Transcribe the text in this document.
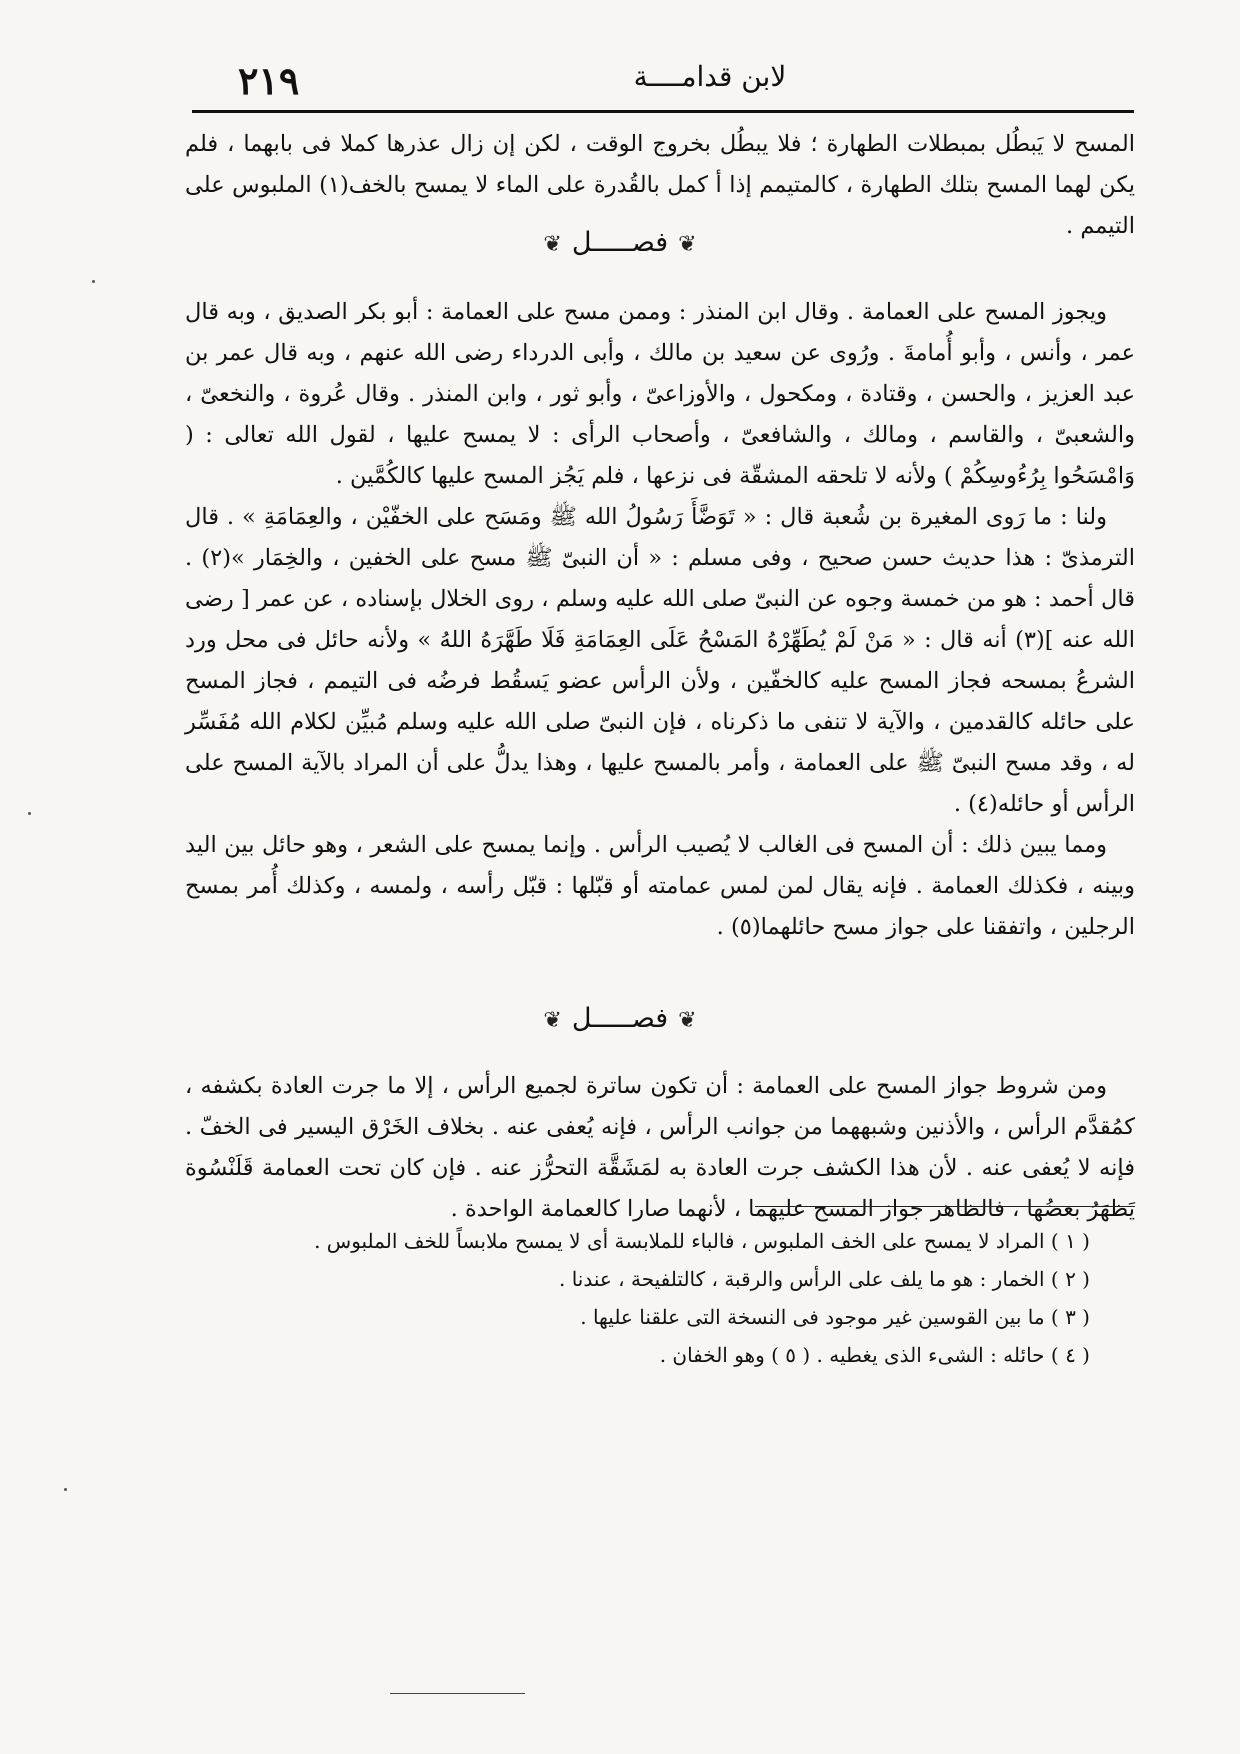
٢١٩	لابن قدامــــة

المسح لا يَبطُل بمبطلات الطهارة ؛ فلا يبطُل بخروج الوقت ، لكن إن زال عذرها كملا فى بابهما ، فلم يكن لهما المسح بتلك الطهارة ، كالمتيمم إذا أ كمل بالقُدرة على الماء لا يمسح بالخف(١) الملبوس على التيمم .

❦فصـــــل❦

ويجوز المسح على العمامة . وقال ابن المنذر : وممن مسح على العمامة : أبو بكر الصديق ، وبه قال عمر ، وأنس ، وأبو أُمامةَ . ورُوى عن سعيد بن مالك ، وأبى الدرداء رضى الله عنهم ، وبه قال عمر بن عبد العزيز ، والحسن ، وقتادة ، ومكحول ، والأوزاعىّ ، وأبو ثور ، وابن المنذر . وقال عُروة ، والنخعىّ ، والشعبىّ ، والقاسم ، ومالك ، والشافعىّ ، وأصحاب الرأى : لا يمسح عليها ، لقول الله تعالى : ( وَامْسَحُوا بِرُءُوسِكُمْ ) ولأنه لا تلحقه المشقّة فى نزعها ، فلم يَجُز المسح عليها كالكُمَّين .

ولنا : ما رَوى المغيرة بن شُعبة قال : « تَوَضَّأَ رَسُولُ الله ﷺ ومَسَح على الخفّيْن ، والعِمَامَةِ » . قال الترمذىّ : هذا حديث حسن صحيح ، وفى مسلم : « أن النبىّ ﷺ مسح على الخفين ، والخِمَار »(٢) . قال أحمد : هو من خمسة وجوه عن النبىّ صلى الله عليه وسلم ، روى الخلال بإسناده ، عن عمر [ رضى الله عنه ](٣) أنه قال : « مَنْ لَمْ يُطَهِّرْهُ المَسْحُ عَلَى العِمَامَةِ فَلَا طَهَّرَهُ اللهُ » ولأنه حائل فى محل ورد الشرعُ بمسحه فجاز المسح عليه كالخفّين ، ولأن الرأس عضو يَسقُط فرضُه فى التيمم ، فجاز المسح على حائله كالقدمين ، والآية لا تنفى ما ذكرناه ، فإن النبىّ صلى الله عليه وسلم مُبيِّن لكلام الله مُفَسِّر له ، وقد مسح النبىّ ﷺ على العمامة ، وأمر بالمسح عليها ، وهذا يدلُّ على أن المراد بالآية المسح على الرأس أو حائله(٤) .

ومما يبين ذلك : أن المسح فى الغالب لا يُصيب الرأس . وإنما يمسح على الشعر ، وهو حائل بين اليد وبينه ، فكذلك العمامة . فإنه يقال لمن لمس عمامته أو قبّلها : قبّل رأسه ، ولمسه ، وكذلك أُمر بمسح الرجلين ، واتفقنا على جواز مسح حائلهما(٥) .

❦فصـــــل❦

ومن شروط جواز المسح على العمامة : أن تكون ساترة لجميع الرأس ، إلا ما جرت العادة بكشفه ، كمُقدَّم الرأس ، والأذنين وشبههما من جوانب الرأس ، فإنه يُعفى عنه . بخلاف الخَرْق اليسير فى الخفّ . فإنه لا يُعفى عنه . لأن هذا الكشف جرت العادة به لمَشَقَّة التحرُّز عنه . فإن كان تحت العمامة قَلَنْسُوة يَظهَرُ بعضُها ، فالظاهر جواز المسح عليهما ، لأنهما صارا كالعمامة الواحدة .

( ١ ) المراد لا يمسح على الخف الملبوس ، فالباء للملابسة أى لا يمسح ملابساً للخف الملبوس .
( ٢ ) الخمار : هو ما يلف على الرأس والرقبة ، كالتلفيحة ، عندنا .
( ٣ ) ما بين القوسين غير موجود فى النسخة التى علقنا عليها .
( ٤ ) حائله : الشىء الذى يغطيه . ( ٥ ) وهو الخفان .
